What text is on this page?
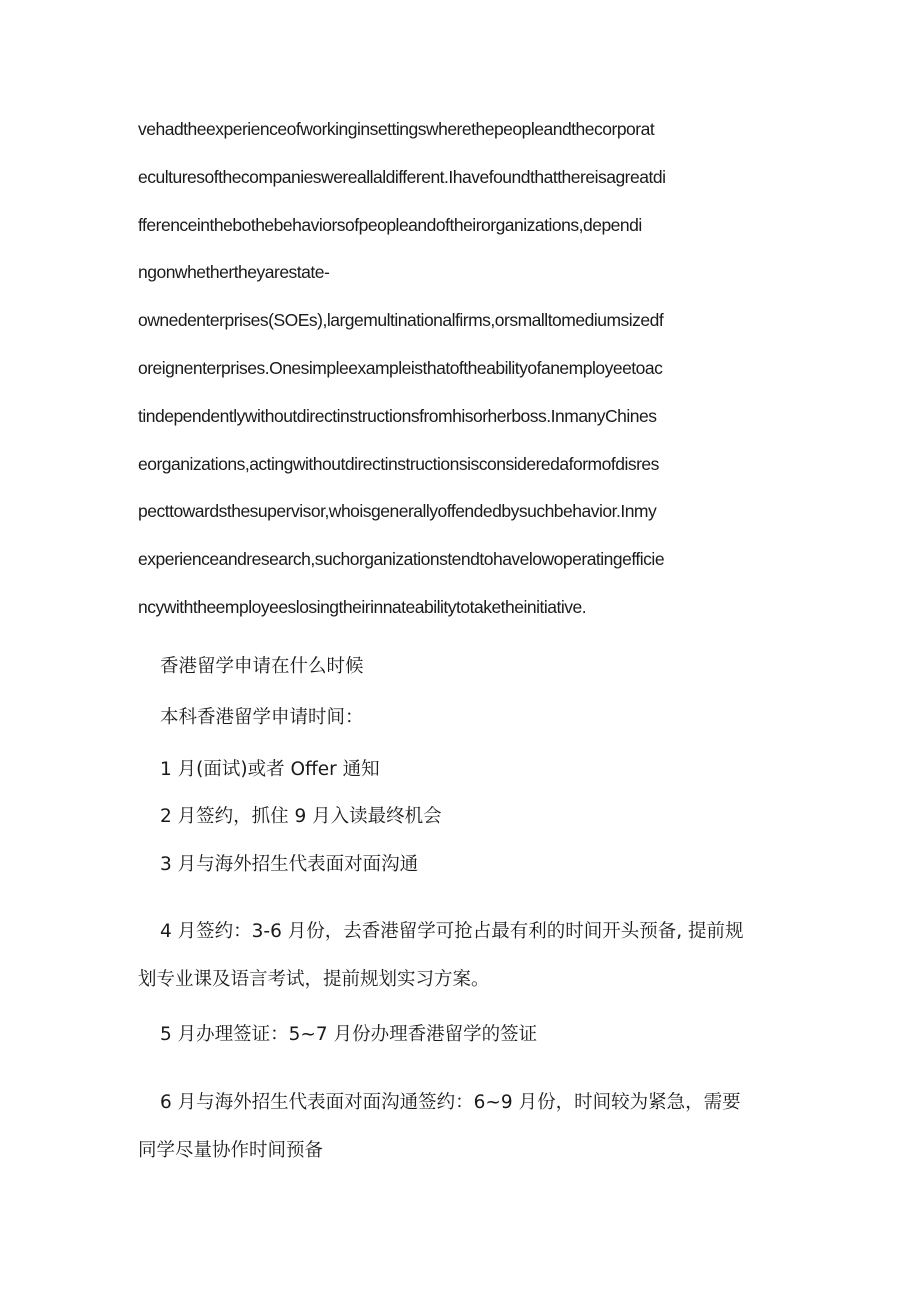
vehadtheexperienceofworkinginsettingswherethepeopleandthecorporat
eculturesofthecompanieswereallaldifferent.Ihavefoundthatthereisagreatdi
fferenceinthebothebehaviorsofpeopleandoftheirorganizations,dependi
ngonwhethertheyarestate-
ownedenterprises(SOEs),largemultinationalfirms,orsmalltomediumsizedf
oreignenterprises.Onesimpleexampleisthatoftheabilityofanemployeetoac
tindependentlywithoutdirectinstructionsfromhisorherboss.InmanyChines
eorganizations,actingwithoutdirectinstructionsisconsideredaformofdisres
pecttowardsthesupervisor,whoisgenerallyoffendedbysuchbehavior.Inmy
experienceandresearch,suchorganizationstendtohavelowoperatingefficie
ncywiththeemployeeslosingtheirinnateabilitytotaketheinitiative.
香港留学申请在什么时候
本科香港留学申请时间：
1 月(面试)或者 Offer 通知
2 月签约，抓住 9 月入读最终机会
3 月与海外招生代表面对面沟通
4 月签约：3-6 月份，去香港留学可抢占最有利的时间开头预备, 提前规
划专业课及语言考试，提前规划实习方案。
5 月办理签证：5~7 月份办理香港留学的签证
6 月与海外招生代表面对面沟通签约：6~9 月份，时间较为紧急，需要
同学尽量协作时间预备
